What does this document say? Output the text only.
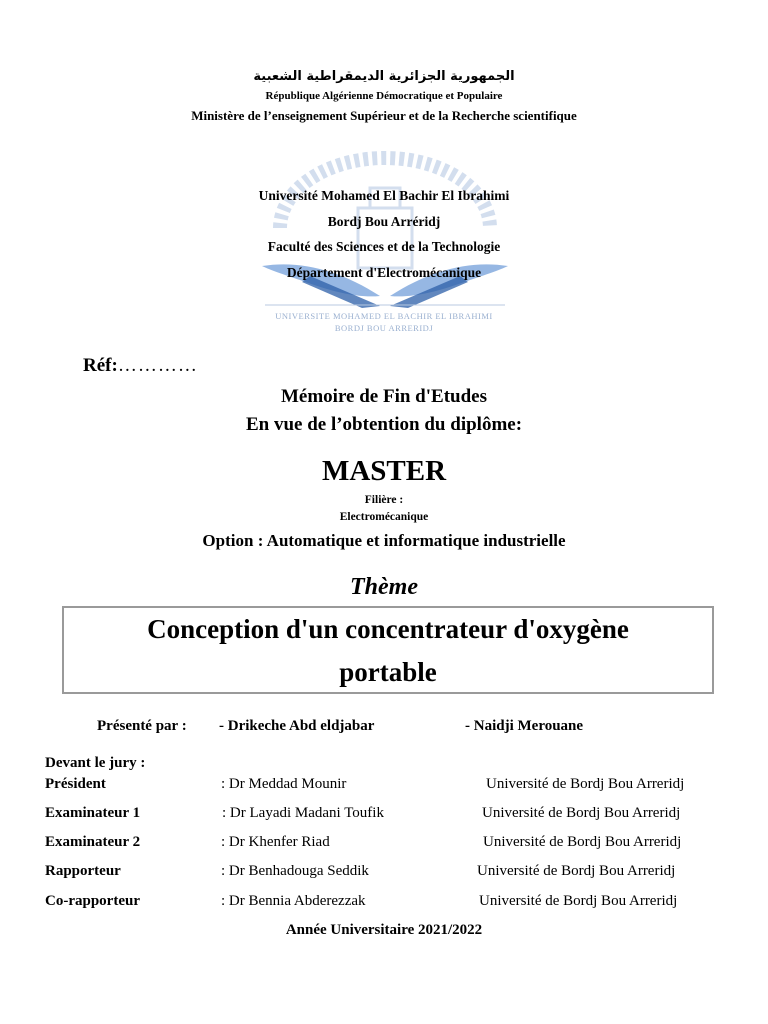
الجمهورية الجزائرية الديمقراطية الشعبية
République Algérienne Démocratique et Populaire
Ministère de l’enseignement Supérieur et de la Recherche scientifique
Université Mohamed El Bachir El Ibrahimi
Bordj Bou Arréridj
Faculté des Sciences et de la Technologie
Département d'Electromécanique
UNIVERSITE MOHAMED EL BACHIR EL IBRAHIMI
BORDJ BOU ARRERIDJ
Réf:…………
Mémoire de Fin d'Etudes
En vue de l’obtention du diplôme:
MASTER
Filière :
Electromécanique
Option : Automatique et informatique industrielle
Thème
Conception d'un concentrateur d'oxygène
portable
Présenté par : - Drikeche Abd eldjabar	- Naidji Merouane
Devant le jury :
Président	: Dr Meddad Mounir	Université de Bordj Bou Arreridj
Examinateur 1	: Dr Layadi Madani Toufik	Université de Bordj Bou Arreridj
Examinateur 2	: Dr Khenfer Riad	Université de Bordj Bou Arreridj
Rapporteur	: Dr Benhadouga Seddik	Université de Bordj Bou Arreridj
Co-rapporteur	: Dr Bennia Abderezzak	Université de Bordj Bou Arreridj
Année Universitaire 2021/2022
